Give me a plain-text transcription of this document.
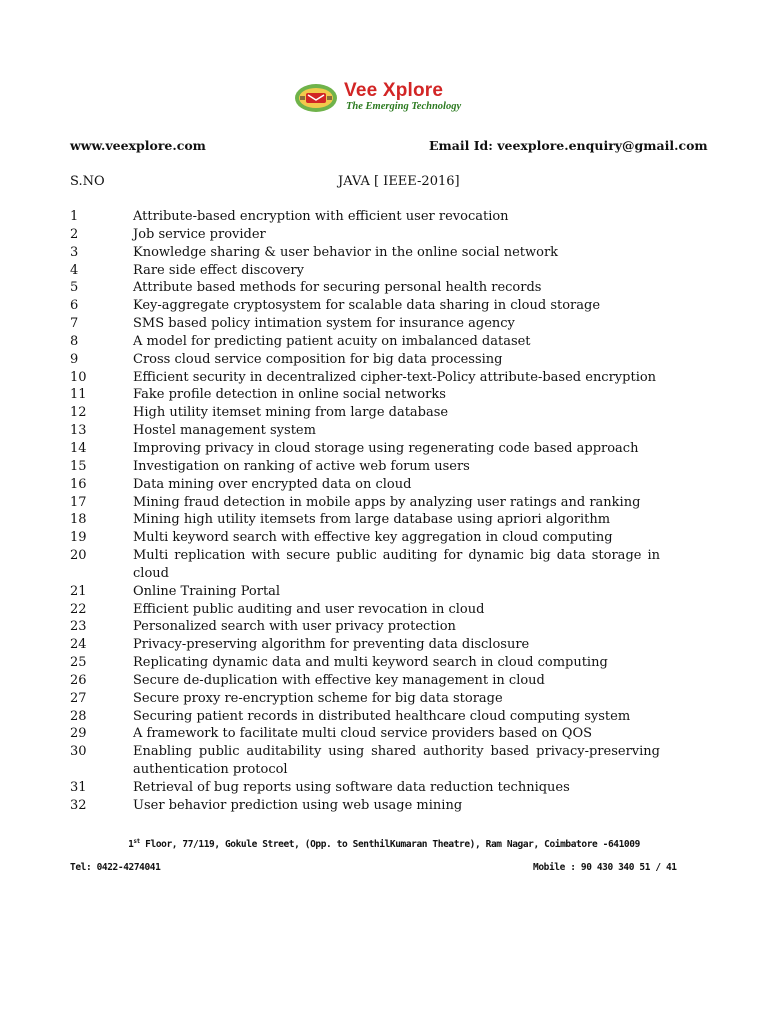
Vee Xplore
The Emerging Technology
www.veexplore.com	Email Id: veexplore.enquiry@gmail.com
S.NO	JAVA [ IEEE-2016]
1	Attribute-based encryption with efficient user revocation
2	Job service provider
3	Knowledge sharing & user behavior in the online social network
4	Rare side effect discovery
5	Attribute based methods for securing personal health records
6	Key-aggregate cryptosystem for scalable data sharing in cloud storage
7	SMS based policy intimation system for insurance agency
8	A model for predicting patient acuity on imbalanced dataset
9	Cross cloud service composition for big data processing
10	Efficient security in decentralized cipher-text-Policy attribute-based encryption
11	Fake profile detection in online social networks
12	High utility itemset mining from large database
13	Hostel management system
14	Improving privacy in cloud storage using regenerating code based approach
15	Investigation on ranking of active web forum users
16	Data mining over encrypted data on cloud
17	Mining fraud detection in mobile apps by analyzing user ratings and ranking
18	Mining high utility itemsets from large database using apriori algorithm
19	Multi keyword search with effective key aggregation in cloud computing
20	Multi replication with secure public auditing for dynamic big data storage in cloud
21	Online Training Portal
22	Efficient public auditing and user revocation in cloud
23	Personalized search with user privacy protection
24	Privacy-preserving algorithm for preventing data disclosure
25	Replicating dynamic data and multi keyword search in cloud computing
26	Secure de-duplication with effective key management in cloud
27	Secure proxy re-encryption scheme for big data storage
28	Securing patient records in distributed healthcare cloud computing system
29	A framework to facilitate multi cloud service providers based on QOS
30	Enabling public auditability using shared authority based privacy-preserving authentication protocol
31	Retrieval of bug reports using software data reduction techniques
32	User behavior prediction using web usage mining
1st Floor, 77/119, Gokule Street, (Opp. to SenthilKumaran Theatre), Ram Nagar, Coimbatore -641009
Tel: 0422-4274041	Mobile : 90 430 340 51 / 41
